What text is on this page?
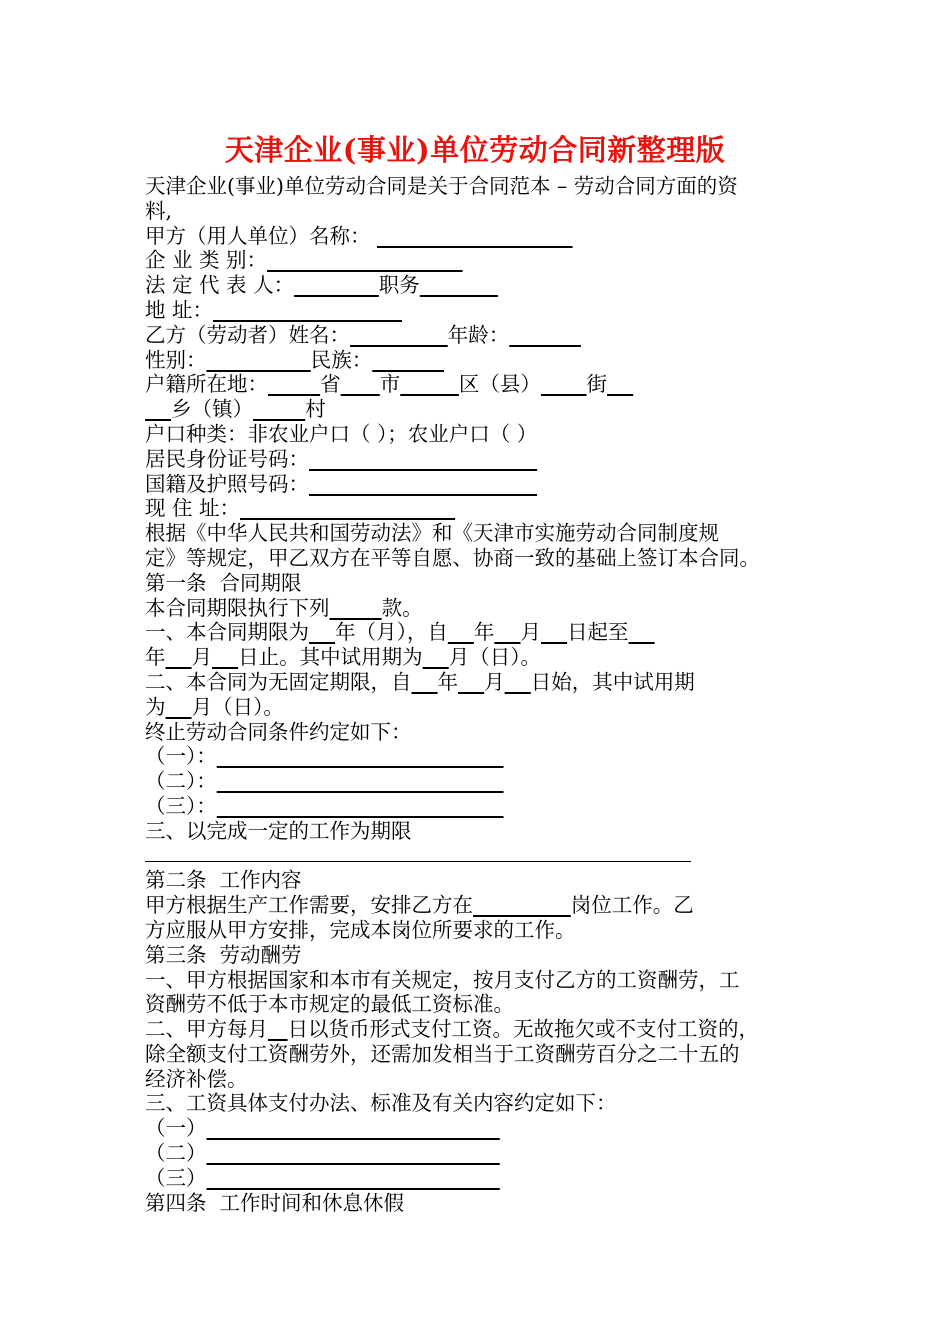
天津企业(事业)单位劳动合同新整理版
天津企业(事业)单位劳动合同是关于合同范本 – 劳动合同方面的资
料,
甲方（用人单位）名称：
企 业 类 别：
法 定 代 表 人：	职务
地 址：
乙方（劳动者）姓名：	年龄：
性别：	民族：
户籍所在地：	省 市	区（县） 街
乡（镇）	村
户口种类：非农业户口（ ）；农业户口（ ）
居民身份证号码：
国籍及护照号码：
现 住 址：
根据《中华人民共和国劳动法》和《天津市实施劳动合同制度规
定》等规定，甲乙双方在平等自愿、协商一致的基础上签订本合同。
第一条  合同期限
本合同期限执行下列	款。
一、本合同期限为 年（月），自 年 月 日起至
年 月 日止。其中试用期为 月（日）。
二、本合同为无固定期限，自 年 月 日始，其中试用期
为 月（日）。
终止劳动合同条件约定如下：
（一）：
（二）：
（三）：
三、以完成一定的工作为期限
第二条  工作内容
甲方根据生产工作需要，安排乙方在	岗位工作。乙
方应服从甲方安排，完成本岗位所要求的工作。
第三条  劳动酬劳
一、甲方根据国家和本市有关规定，按月支付乙方的工资酬劳，工
资酬劳不低于本市规定的最低工资标准。
二、甲方每月 日以货币形式支付工资。无故拖欠或不支付工资的，
除全额支付工资酬劳外，还需加发相当于工资酬劳百分之二十五的
经济补偿。
三、工资具体支付办法、标准及有关内容约定如下：
（一）
（二）
（三）
第四条  工作时间和休息休假
